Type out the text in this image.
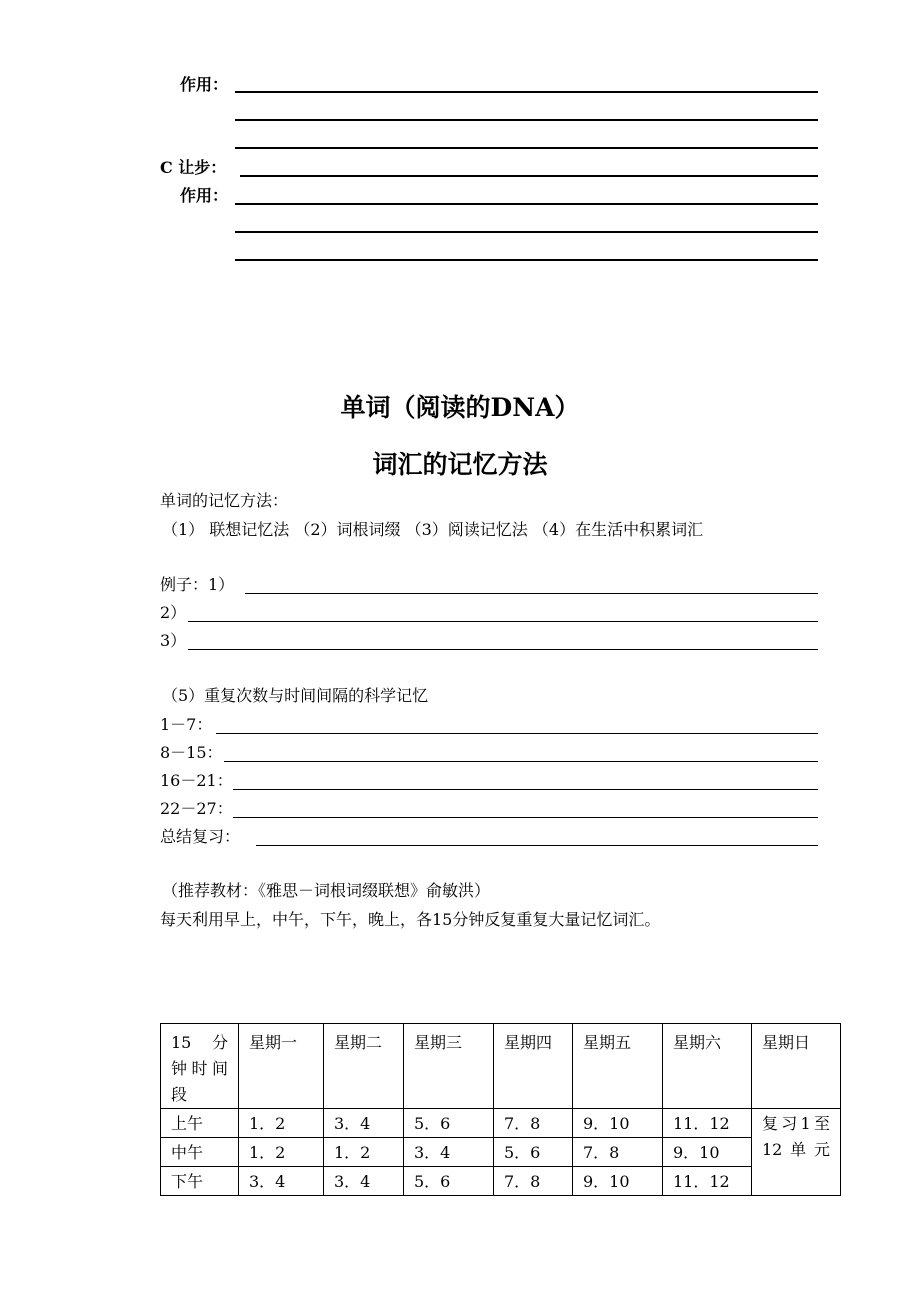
作用：
C 让步：
作用：
单词（阅读的DNA）
词汇的记忆方法
单词的记忆方法：
（1） 联想记忆法 （2）词根词缀 （3）阅读记忆法 （4）在生活中积累词汇
例子：1）
2）
3）
（5）重复次数与时间间隔的科学记忆
1－7：
8－15：
16－21：
22－27：
总结复习：
（推荐教材：《雅思－词根词缀联想》俞敏洪）
每天利用早上，中午，下午，晚上，各15分钟反复重复大量记忆词汇。
15 分钟时间段	星期一	星期二	星期三	星期四	星期五	星期六	星期日
上午	1．2	3．4	5．6	7．8	9．10	11．12	复习1至12单元
中午	1．2	1．2	3．4	5．6	7．8	9．10	
下午	3．4	3．4	5．6	7．8	9．10	11．12	
